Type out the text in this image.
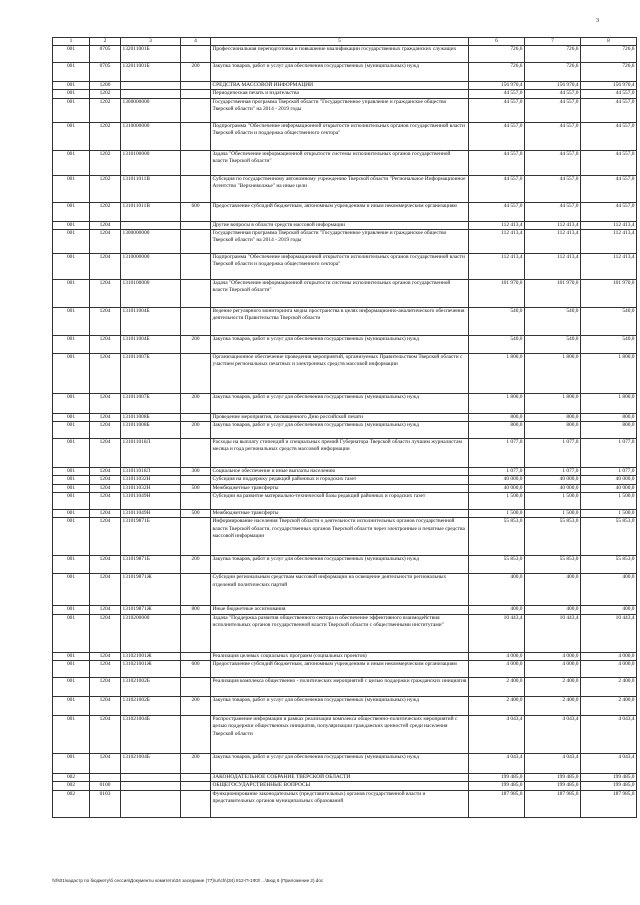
3
1	2	3	4	5	6	7	8
001	0705	132011001Б		Профессиональная переподготовка и повышение квалификации государственных гражданских служащих	726,6	726,6	726,6
001	0705	132011001Б	200	Закупка товаров, работ и услуг для обеспечения государственных (муниципальных) нужд	726,6	726,6	726,6
001	1200			СРЕДСТВА МАССОВОЙ ИНФОРМАЦИИ	156 970,4	156 970,4	156 970,4
001	1202			Периодическая печать и издательства	44 557,0	44 557,0	44 557,0
001	1202	1300000000		Государственная программа Тверской области "Государственное управление и гражданское общество Тверской области" на 2014 - 2019 годы	44 557,0	44 557,0	44 557,0
001	1202	1310000000		Подпрограмма "Обеспечение информационной открытости исполнительных органов государственной власти Тверской области и поддержка общественного сектора"	44 557,0	44 557,0	44 557,0
001	1202	1310100000		Задача "Обеспечение информационной открытости системы исполнительных органов государственной власти Тверской области"	44 557,0	44 557,0	44 557,0
001	1202	131011011В		Субсидия по государственному автономному учреждению Тверской области "Региональное Информационное Агентство "Верхневолжье" на иные цели	44 557,0	44 557,0	44 557,0
001	1202	131011011В	600	Предоставление субсидий бюджетным, автономным учреждениям и иным некоммерческим организациям	44 557,0	44 557,0	44 557,0
001	1204			Другие вопросы в области средств массовой информации	112 413,4	112 413,4	112 413,4
001	1204	1300000000		Государственная программа Тверской области "Государственное управление и гражданское общество Тверской области" на 2014 - 2019 годы	112 413,4	112 413,4	112 413,4
001	1204	1310000000		Подпрограмма "Обеспечение информационной открытости исполнительных органов государственной власти Тверской области и поддержка общественного сектора"	112 413,4	112 413,4	112 413,4
001	1204	1310100000		Задача "Обеспечение информационной открытости системы исполнительных органов государственной власти Тверской области"	101 970,0	101 970,0	101 970,0
001	1204	131011004Б		Ведение регулярного мониторинга медиа пространства в целях информационно-аналитического обеспечения деятельности Правительства Тверской области	540,0	540,0	540,0
001	1204	131011004Б	200	Закупка товаров, работ и услуг для обеспечения государственных (муниципальных) нужд	540,0	540,0	540,0
001	1204	131011007Б		Организационное обеспечение проведения мероприятий, организуемых Правительством Тверской области с участием региональных печатных и электронных средств массовой информации	1 800,0	1 800,0	1 800,0
001	1204	131011007Б	200	Закупка товаров, работ и услуг для обеспечения государственных (муниципальных) нужд	1 800,0	1 800,0	1 800,0
001	1204	131011008Б		Проведение мероприятия, посвященного Дню российской печати	800,0	800,0	800,0
001	1204	131011008Б	200	Закупка товаров, работ и услуг для обеспечения государственных (муниципальных) нужд	800,0	800,0	800,0
001	1204	131011018Л		Расходы на выплату стипендий и специальных премий Губернатора Тверской области лучшим журналистам месяца и года региональных средств массовой информации	1 077,0	1 077,0	1 077,0
001	1204	131011018Л	300	Социальное обеспечение и иные выплаты населению	1 077,0	1 077,0	1 077,0
001	1204	131011032Н		Субсидия на поддержку редакций районных и городских газет	40 000,0	40 000,0	40 000,0
001	1204	131011032Н	500	Межбюджетные трансферты	40 000,0	40 000,0	40 000,0
001	1204	131011049Н		Субсидии на развитие материально-технической базы редакций районных и городских газет	1 500,0	1 500,0	1 500,0
001	1204	131011049Н	500	Межбюджетные трансферты	1 500,0	1 500,0	1 500,0
001	1204	131019871Б		Информирование населения Тверской области о деятельности исполнительных органов государственной власти Тверской области, государственных органов Тверской области через электронные и печатные средства массовой информации	55 853,0	55 853,0	55 853,0
001	1204	131019871Б	200	Закупка товаров, работ и услуг для обеспечения государственных (муниципальных) нужд	55 853,0	55 853,0	55 853,0
001	1204	131019871Ж		Субсидии региональным средствам массовой информации на освещение деятельности региональных отделений политических партий	400,0	400,0	400,0
001	1204	131019871Ж	800	Иные бюджетные ассигнования	400,0	400,0	400,0
001	1204	1310200000		Задача "Поддержка развития общественного сектора и обеспечение эффективного взаимодействия исполнительных органов государственной власти Тверской области с общественными институтами"	10 443,4	10 443,4	10 443,4
001	1204	131021001Ж		Реализация целевых социальных программ (социальных проектов)	4 000,0	4 000,0	4 000,0
001	1204	131021001Ж	600	Предоставление субсидий бюджетным, автономным учреждениям и иным некоммерческим организациям	4 000,0	4 000,0	4 000,0
001	1204	131021002Б		Реализация комплекса общественно - политических мероприятий с целью поддержки гражданских инициатив	2 400,0	2 400,0	2 400,0
001	1204	131021002Б	200	Закупка товаров, работ и услуг для обеспечения государственных (муниципальных) нужд	2 400,0	2 400,0	2 400,0
001	1204	131021004Б		Распространение информации в рамках реализации комплекса общественно-политических мероприятий с целью поддержки общественных инициатив, популяризации гражданских ценностей среди населения Тверской области	4 043,4	4 043,4	4 043,4
001	1204	131021004Б	200	Закупка товаров, работ и услуг для обеспечения государственных (муниципальных) нужд	4 043,4	4 043,4	4 043,4
002				ЗАКОНОДАТЕЛЬНОЕ СОБРАНИЕ ТВЕРСКОЙ ОБЛАСТИ	199 485,0	199 485,0	199 485,0
002	0100			ОБЩЕГОСУДАРСТВЕННЫЕ ВОПРОСЫ	199 485,0	199 485,0	199 485,0
002	0103			Функционирование законодательных (представительных) органов государственной власти и представительных органов муниципальных образований	187 985,0	187 985,0	187 985,0
\\rfs01\кадастр по бюджету\б сессия\Документы комитета\34 заседание (77)\ur\ch\(34) 812-П-1ФЗ\ ...\Бюд 6 (Приложение 2).doc
